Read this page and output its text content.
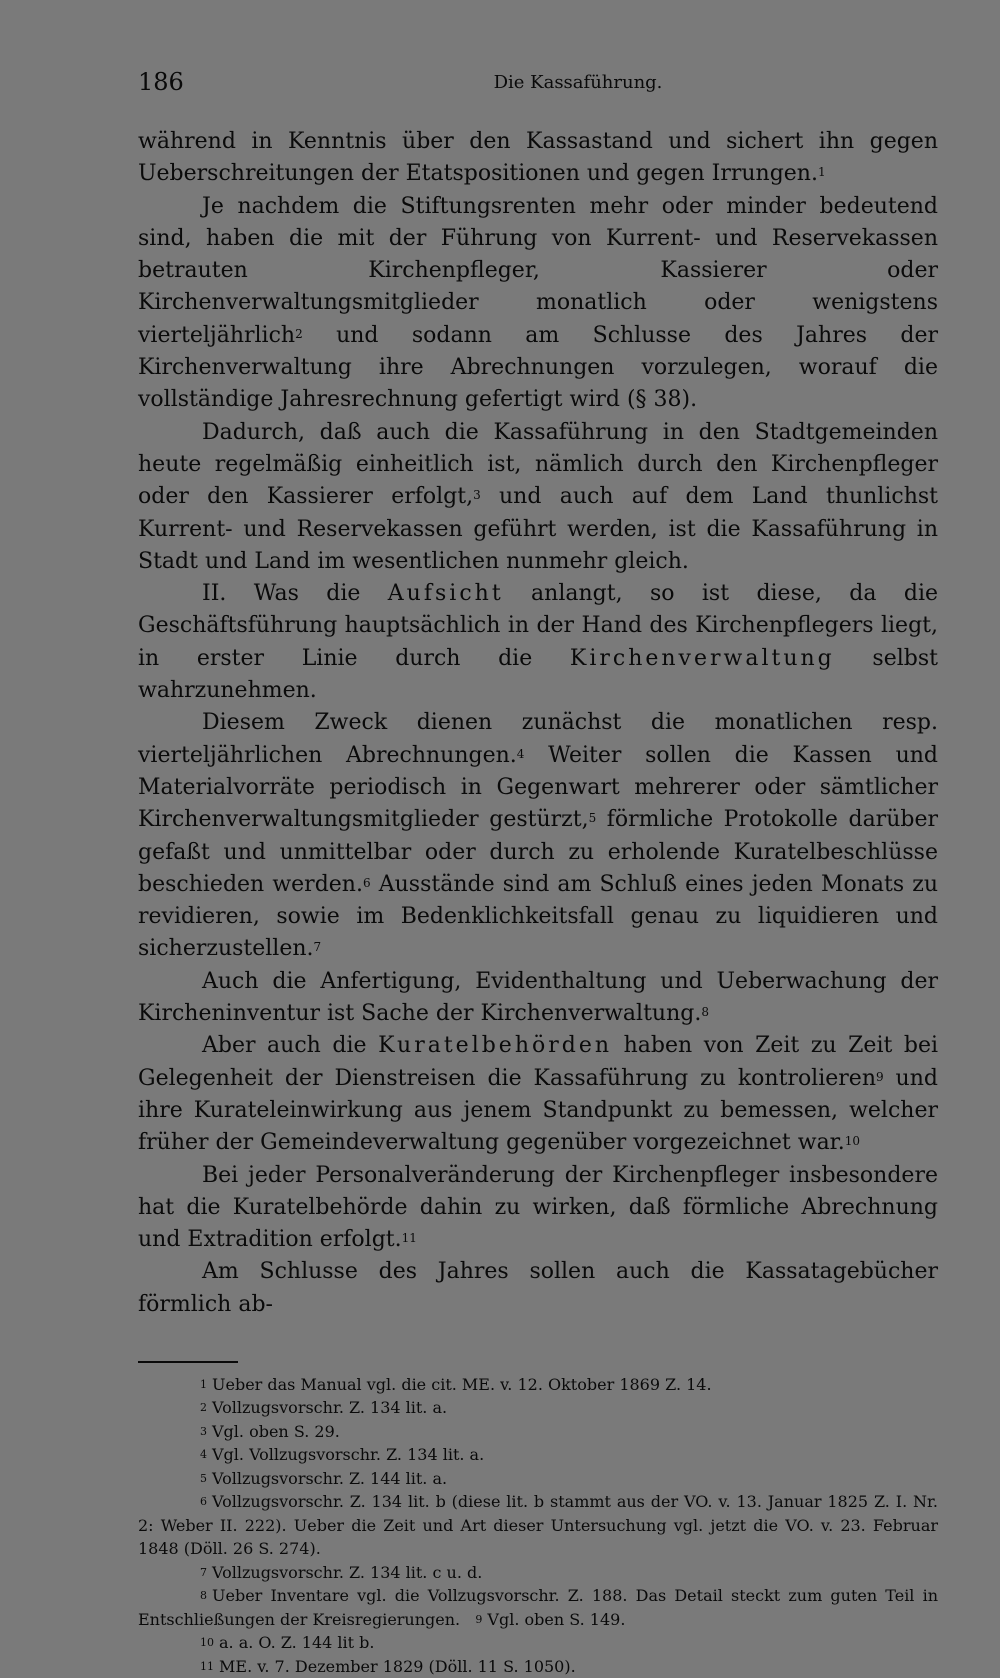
186	Die Kassaführung.

während in Kenntnis über den Kassastand und sichert ihn gegen Ueberschreitungen der Etatspositionen und gegen Irrungen.$^1$

Je nachdem die Stiftungsrenten mehr oder minder bedeutend sind, haben die mit der Führung von Kurrent- und Reservekassen betrauten Kirchenpfleger, Kassierer oder Kirchenverwaltungsmitglieder monatlich oder wenigstens vierteljährlich$^2$ und sodann am Schlusse des Jahres der Kirchenverwaltung ihre Abrechnungen vorzulegen, worauf die vollständige Jahresrechnung gefertigt wird (§ 38).

Dadurch, daß auch die Kassaführung in den Stadtgemeinden heute regelmäßig einheitlich ist, nämlich durch den Kirchenpfleger oder den Kassierer erfolgt,$^3$ und auch auf dem Land thunlichst Kurrent- und Reservekassen geführt werden, ist die Kassaführung in Stadt und Land im wesentlichen nunmehr gleich.

II. Was die Aufsicht anlangt, so ist diese, da die Geschäftsführung hauptsächlich in der Hand des Kirchenpflegers liegt, in erster Linie durch die Kirchenverwaltung selbst wahrzunehmen.

Diesem Zweck dienen zunächst die monatlichen resp. vierteljährlichen Abrechnungen.$^4$ Weiter sollen die Kassen und Materialvorräte periodisch in Gegenwart mehrerer oder sämtlicher Kirchenverwaltungsmitglieder gestürzt,$^5$ förmliche Protokolle darüber gefaßt und unmittelbar oder durch zu erholende Kuratelbeschlüsse beschieden werden.$^6$ Ausstände sind am Schluß eines jeden Monats zu revidieren, sowie im Bedenklichkeitsfall genau zu liquidieren und sicherzustellen.$^7$

Auch die Anfertigung, Evidenthaltung und Ueberwachung der Kircheninventur ist Sache der Kirchenverwaltung.$^8$

Aber auch die Kuratelbehörden haben von Zeit zu Zeit bei Gelegenheit der Dienstreisen die Kassaführung zu kontrolieren$^9$ und ihre Kuratelеinwirkung aus jenem Standpunkt zu bemessen, welcher früher der Gemeindeverwaltung gegenüber vorgezeichnet war.$^{10}$

Bei jeder Personalveränderung der Kirchenpfleger insbesondere hat die Kuratelbehörde dahin zu wirken, daß förmliche Abrechnung und Extradition erfolgt.$^{11}$

Am Schlusse des Jahres sollen auch die Kassatagebücher förmlich ab-

$^1$ Ueber das Manual vgl. die cit. ME. v. 12. Oktober 1869 Z. 14.

$^2$ Vollzugsvorschr. Z. 134 lit. a.

$^3$ Vgl. oben S. 29.

$^4$ Vgl. Vollzugsvorschr. Z. 134 lit. a.

$^5$ Vollzugsvorschr. Z. 144 lit. a.

$^6$ Vollzugsvorschr. Z. 134 lit. b (diese lit. b stammt aus der VO. v. 13. Januar 1825 Z. I. Nr. 2: Weber II. 222). Ueber die Zeit und Art dieser Untersuchung vgl. jetzt die VO. v. 23. Februar 1848 (Döll. 26 S. 274).

$^7$ Vollzugsvorschr. Z. 134 lit. c u. d.

$^8$ Ueber Inventare vgl. die Vollzugsvorschr. Z. 188. Das Detail steckt zum guten Teil in Entschließungen der Kreisregierungen. $^9$ Vgl. oben S. 149.

$^{10}$ a. a. O. Z. 144 lit b.

$^{11}$ ME. v. 7. Dezember 1829 (Döll. 11 S. 1050).
